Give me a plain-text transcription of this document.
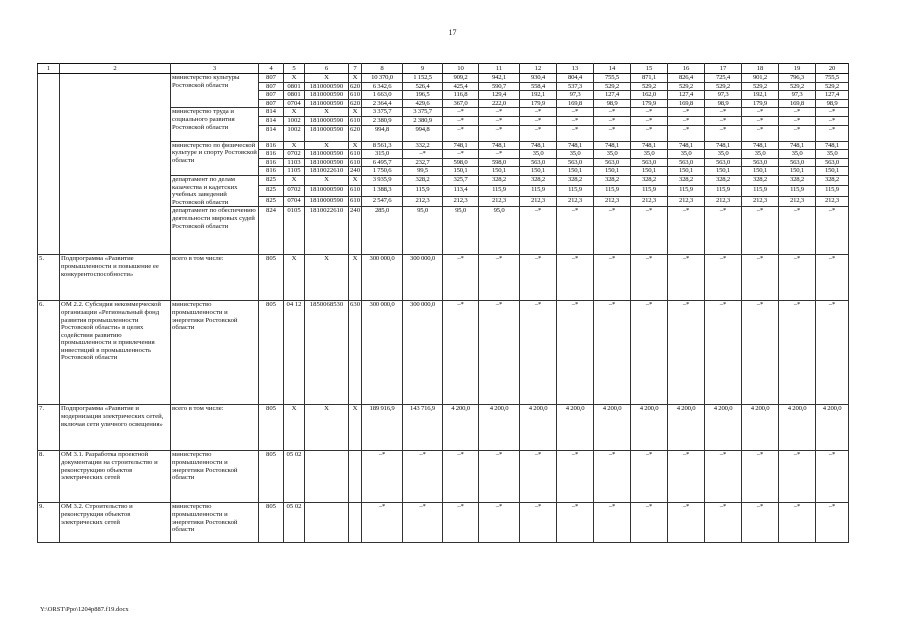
17
1	2	3	4	5	6	7	8	9	10	11	12	13	14	15	16	17	18	19	20
		министерство культуры Ростовской области	807	X	X	X	10 370,0	1 152,5	909,2	942,1	930,4	804,4	755,5	871,1	826,4	725,4	901,2	796,3	755,5
			807	0801	1810000590	620	6 342,6	526,4	425,4	590,7	558,4	537,3	529,2	529,2	529,2	529,2	529,2	529,2	529,2
			807	0801	1810000590	610	1 663,0	196,5	116,8	129,4	192,1	97,3	127,4	162,0	127,4	97,3	192,1	97,3	127,4
			807	0704	1810000590	620	2 364,4	429,6	367,0	222,0	179,9	169,8	98,9	179,9	169,8	98,9	179,9	169,8	98,9
		министерство труда и социального развития Ростовской области	814	X	X	X	3 375,7	3 375,7	–*	–*	–*	–*	–*	–*	–*	–*	–*	–*	–*
			814	1002	1810000590	610	2 380,9	2 380,9	–*	–*	–*	–*	–*	–*	–*	–*	–*	–*	–*
			814	1002	1810000590	620	994,8	994,8	–*	–*	–*	–*	–*	–*	–*	–*	–*	–*	–*
		министерство по физической культуре и спорту Ростовской области	816	X	X	X	8 561,3	332,2	748,1	748,1	748,1	748,1	748,1	748,1	748,1	748,1	748,1	748,1	748,1
			816	0702	1810000590	610	315,0	–*	–*	–*	35,0	35,0	35,0	35,0	35,0	35,0	35,0	35,0	35,0
			816	1103	1810000590	610	6 495,7	232,7	598,0	598,0	563,0	563,0	563,0	563,0	563,0	563,0	563,0	563,0	563,0
			816	1105	1810022610	240	1 750,6	99,5	150,1	150,1	150,1	150,1	150,1	150,1	150,1	150,1	150,1	150,1	150,1
		департамент по делам казачества и кадетских учебных заведений Ростовской области	825	X	X	X	3 935,9	328,2	325,7	328,2	328,2	328,2	328,2	328,2	328,2	328,2	328,2	328,2	328,2
			825	0702	1810000590	610	1 388,3	115,9	113,4	115,9	115,9	115,9	115,9	115,9	115,9	115,9	115,9	115,9	115,9
			825	0704	1810000590	610	2 547,6	212,3	212,3	212,3	212,3	212,3	212,3	212,3	212,3	212,3	212,3	212,3	212,3
		департамент по обеспечению деятельности мировых судей Ростовской области	824	0105	1810022610	240	285,0	95,0	95,0	95,0	–*	–*	–*	–*	–*	–*	–*	–*	–*
5.	Подпрограмма «Развитие промышленности и повышение ее конкурентоспособности»	всего в том числе:	805	X	X	X	300 000,0	300 000,0	–*	–*	–*	–*	–*	–*	–*	–*	–*	–*	–*
6.	ОМ 2.2. Субсидия некоммерческой организации «Региональный фонд развития промышленности Ростовской области» в целях содействия развитию промышленности и привлечения инвестиций в промышленность Ростовской области	министерство промышленности и энергетики Ростовской области	805	04 12	1850068530	630	300 000,0	300 000,0	–*	–*	–*	–*	–*	–*	–*	–*	–*	–*	–*
7.	Подпрограмма «Развитие и модернизация электрических сетей, включая сети уличного освещения»	всего в том числе:	805	X	X	X	189 916,9	143 716,9	4 200,0	4 200,0	4 200,0	4 200,0	4 200,0	4 200,0	4 200,0	4 200,0	4 200,0	4 200,0	4 200,0
8.	ОМ 3.1. Разработка проектной документации на строительство и реконструкцию объектов электрических сетей	министерство промышленности и энергетики Ростовской области	805	05 02			–*	–*	–*	–*	–*	–*	–*	–*	–*	–*	–*	–*	–*
9.	ОМ 3.2. Строительство и реконструкция объектов электрических сетей	министерство промышленности и энергетики Ростовской области	805	05 02			–*	–*	–*	–*	–*	–*	–*	–*	–*	–*	–*	–*	–*
Y:\ORST\Ppo\1204p887.f19.docx
